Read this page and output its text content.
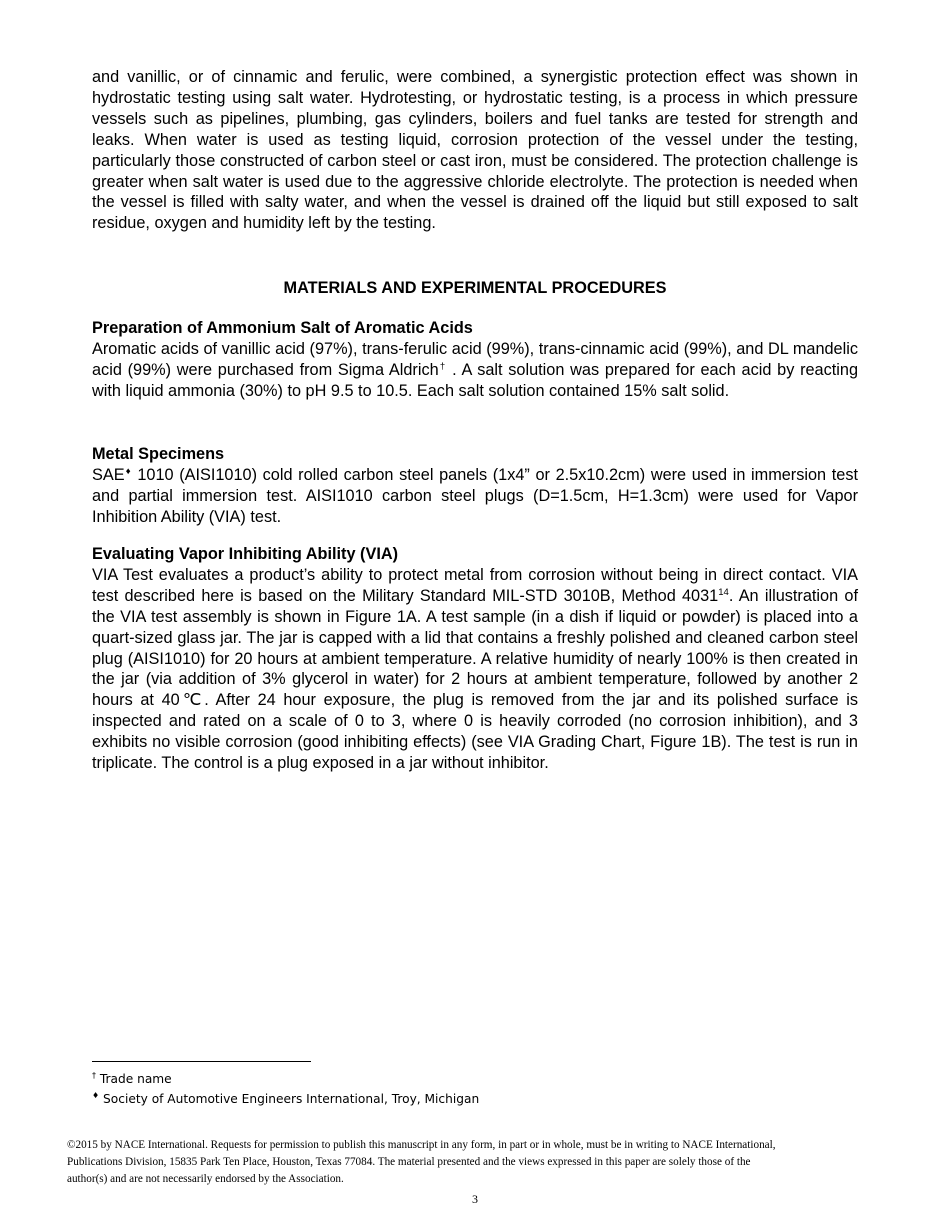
and vanillic, or of cinnamic and ferulic, were combined, a synergistic protection effect was shown in hydrostatic testing using salt water. Hydrotesting, or hydrostatic testing, is a process in which pressure vessels such as pipelines, plumbing, gas cylinders, boilers and fuel tanks are tested for strength and leaks. When water is used as testing liquid, corrosion protection of the vessel under the testing, particularly those constructed of carbon steel or cast iron, must be considered. The protection challenge is greater when salt water is used due to the aggressive chloride electrolyte. The protection is needed when the vessel is filled with salty water, and when the vessel is drained off the liquid but still exposed to salt residue, oxygen and humidity left by the testing.

MATERIALS AND EXPERIMENTAL PROCEDURES

Preparation of Ammonium Salt of Aromatic Acids
Aromatic acids of vanillic acid (97%), trans-ferulic acid (99%), trans-cinnamic acid (99%), and DL mandelic acid (99%) were purchased from Sigma Aldrich† . A salt solution was prepared for each acid by reacting with liquid ammonia (30%) to pH 9.5 to 10.5. Each salt solution contained 15% salt solid.
Metal Specimens
SAE♦ 1010 (AISI1010) cold rolled carbon steel panels (1x4” or 2.5x10.2cm) were used in immersion test and partial immersion test. AISI1010 carbon steel plugs (D=1.5cm, H=1.3cm) were used for Vapor Inhibition Ability (VIA) test.
Evaluating Vapor Inhibiting Ability (VIA)
VIA Test evaluates a product’s ability to protect metal from corrosion without being in direct contact. VIA test described here is based on the Military Standard MIL-STD 3010B, Method 4031$^{14}$. An illustration of the VIA test assembly is shown in Figure 1A. A test sample (in a dish if liquid or powder) is placed into a quart-sized glass jar. The jar is capped with a lid that contains a freshly polished and cleaned carbon steel plug (AISI1010) for 20 hours at ambient temperature. A relative humidity of nearly 100% is then created in the jar (via addition of 3% glycerol in water) for 2 hours at ambient temperature, followed by another 2 hours at 40℃. After 24 hour exposure, the plug is removed from the jar and its polished surface is inspected and rated on a scale of 0 to 3, where 0 is heavily corroded (no corrosion inhibition), and 3 exhibits no visible corrosion (good inhibiting effects) (see VIA Grading Chart, Figure 1B). The test is run in triplicate. The control is a plug exposed in a jar without inhibitor.

† Trade name

♦ Society of Automotive Engineers International, Troy, Michigan

©2015 by NACE International. Requests for permission to publish this manuscript in any form, in part or in whole, must be in writing to NACE International, Publications Division, 15835 Park Ten Place, Houston, Texas 77084. The material presented and the views expressed in this paper are solely those of the author(s) and are not necessarily endorsed by the Association.

3
